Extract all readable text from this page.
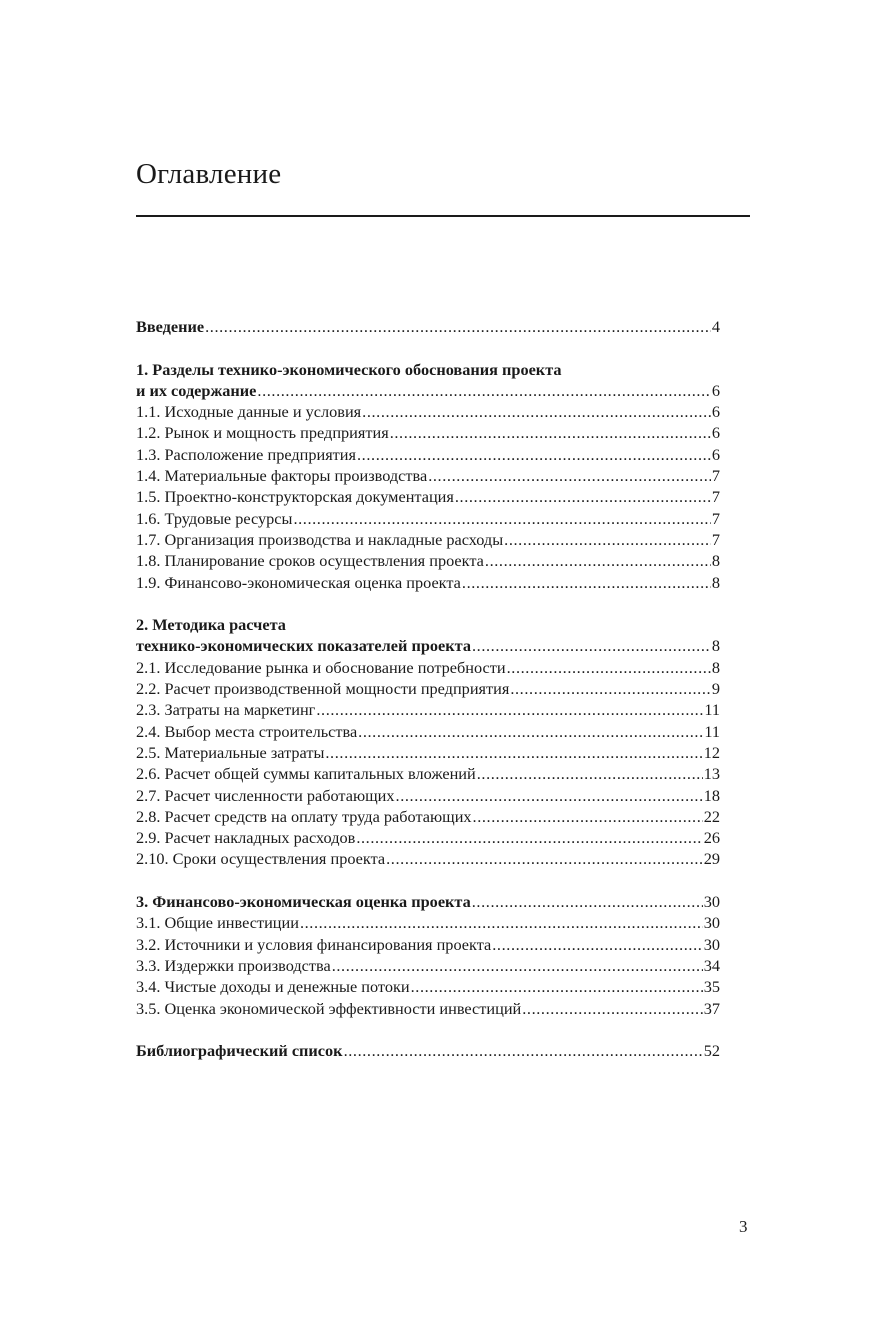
Оглавление
Введение .....	4
1. Разделы технико-экономического обоснования проекта
и их содержание .....	6
1.1. Исходные данные и условия .....	6
1.2. Рынок и мощность предприятия .....	6
1.3. Расположение предприятия .....	6
1.4. Материальные факторы производства .....	7
1.5. Проектно-конструкторская документация .....	7
1.6. Трудовые ресурсы .....	7
1.7. Организация производства и накладные расходы .....	7
1.8. Планирование сроков осуществления проекта .....	8
1.9. Финансово-экономическая оценка проекта .....	8
2. Методика расчета
технико-экономических показателей проекта .....	8
2.1. Исследование рынка и обоснование потребности .....	8
2.2. Расчет производственной мощности предприятия .....	9
2.3. Затраты на маркетинг .....	11
2.4. Выбор места строительства .....	11
2.5. Материальные затраты .....	12
2.6. Расчет общей суммы капитальных вложений .....	13
2.7. Расчет численности работающих .....	18
2.8. Расчет средств на оплату труда работающих .....	22
2.9. Расчет накладных расходов .....	26
2.10. Сроки осуществления проекта .....	29
3. Финансово-экономическая оценка проекта .....	30
3.1. Общие инвестиции .....	30
3.2. Источники и условия финансирования проекта .....	30
3.3. Издержки производства .....	34
3.4. Чистые доходы и денежные потоки .....	35
3.5. Оценка экономической эффективности инвестиций .....	37
Библиографический список .....	52
3
